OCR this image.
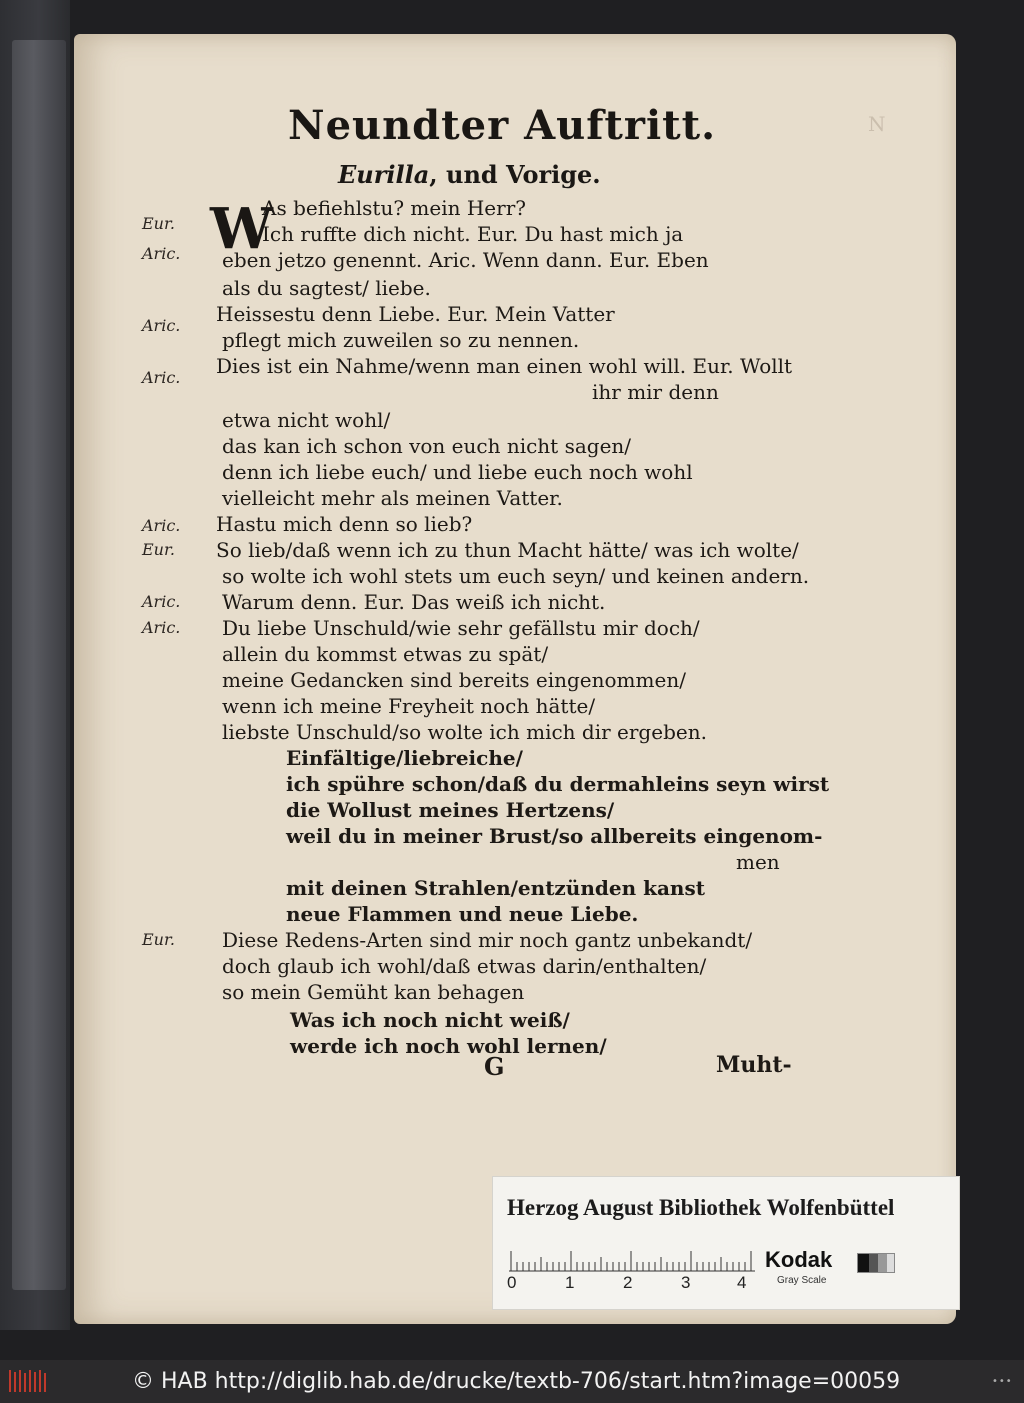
N
Neundter Auftritt.
Eurilla, und Vorige.
W
Eur.
Aric.
Aric.
Aric.
Aric.
Eur.
Aric.
Aric.
Eur.
As befiehlstu? mein Herr?
Ich ruffte dich nicht. Eur. Du hast mich ja
eben jetzo genennt. Aric. Wenn dann. Eur. Eben
als du sagtest/ liebe.
Heissestu denn Liebe. Eur. Mein Vatter
pflegt mich zuweilen so zu nennen.
Dies ist ein Nahme/wenn man einen wohl will. Eur. Wollt
ihr mir denn
etwa nicht wohl/
das kan ich schon von euch nicht sagen/
denn ich liebe euch/ und liebe euch noch wohl
vielleicht mehr als meinen Vatter.
Hastu mich denn so lieb?
So lieb/daß wenn ich zu thun Macht hätte/ was ich wolte/
so wolte ich wohl stets um euch seyn/ und keinen andern.
Warum denn. Eur. Das weiß ich nicht.
Du liebe Unschuld/wie sehr gefällstu mir doch/
allein du kommst etwas zu spät/
meine Gedancken sind bereits eingenommen/
wenn ich meine Freyheit noch hätte/
liebste Unschuld/so wolte ich mich dir ergeben.
Einfältige/liebreiche/
ich spühre schon/daß du dermahleins seyn wirst
die Wollust meines Hertzens/
weil du in meiner Brust/so allbereits eingenom-
men
mit deinen Strahlen/entzünden kanst
neue Flammen und neue Liebe.
Diese Redens-Arten sind mir noch gantz unbekandt/
doch glaub ich wohl/daß etwas darin/enthalten/
so mein Gemüht kan behagen
Was ich noch nicht weiß/
werde ich noch wohl lernen/
G	Muht-
Herzog August Bibliothek Wolfenbüttel
0	1	2	3	4
Kodak
Gray Scale
© HAB http://diglib.hab.de/drucke/textb-706/start.htm?image=00059	•••
